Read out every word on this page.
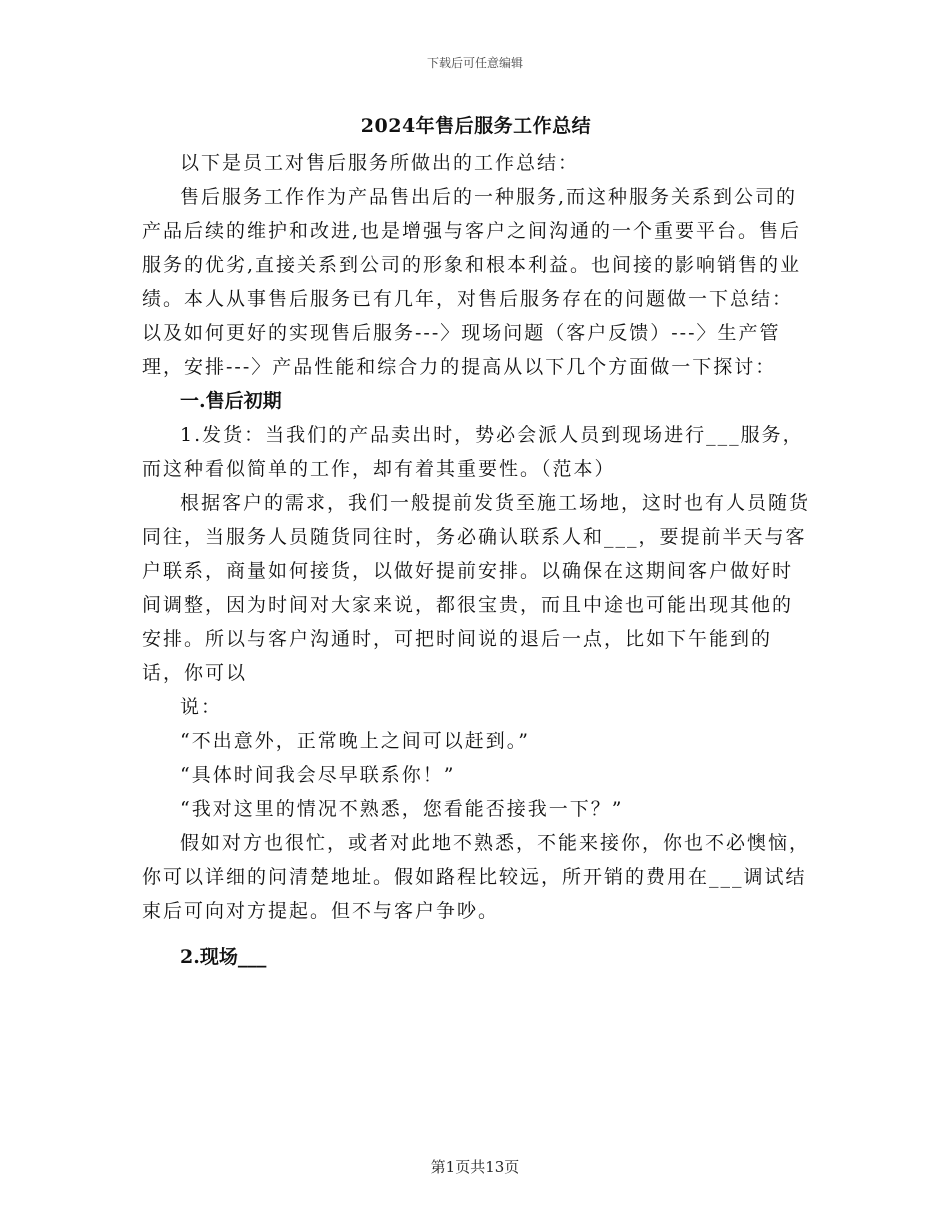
下载后可任意编辑
2024年售后服务工作总结

以下是员工对售后服务所做出的工作总结：

售后服务工作作为产品售出后的一种服务,而这种服务关系到公司的产品后续的维护和改进,也是增强与客户之间沟通的一个重要平台。售后服务的优劣,直接关系到公司的形象和根本利益。也间接的影响销售的业绩。本人从事售后服务已有几年，对售后服务存在的问题做一下总结：以及如何更好的实现售后服务---〉现场问题（客户反馈）---〉生产管理，安排---〉产品性能和综合力的提高从以下几个方面做一下探讨：

一.售后初期

1.发货：当我们的产品卖出时，势必会派人员到现场进行___服务，而这种看似简单的工作，却有着其重要性。（范本）

根据客户的需求，我们一般提前发货至施工场地，这时也有人员随货同往，当服务人员随货同往时，务必确认联系人和___，要提前半天与客户联系，商量如何接货，以做好提前安排。以确保在这期间客户做好时间调整，因为时间对大家来说，都很宝贵，而且中途也可能出现其他的安排。所以与客户沟通时，可把时间说的退后一点，比如下午能到的话，你可以

说：

“不出意外，正常晚上之间可以赶到。”

“具体时间我会尽早联系你！”

“我对这里的情况不熟悉，您看能否接我一下？”

假如对方也很忙，或者对此地不熟悉，不能来接你，你也不必懊恼，你可以详细的问清楚地址。假如路程比较远，所开销的费用在___调试结束后可向对方提起。但不与客户争吵。

2.现场___
第1页共13页
